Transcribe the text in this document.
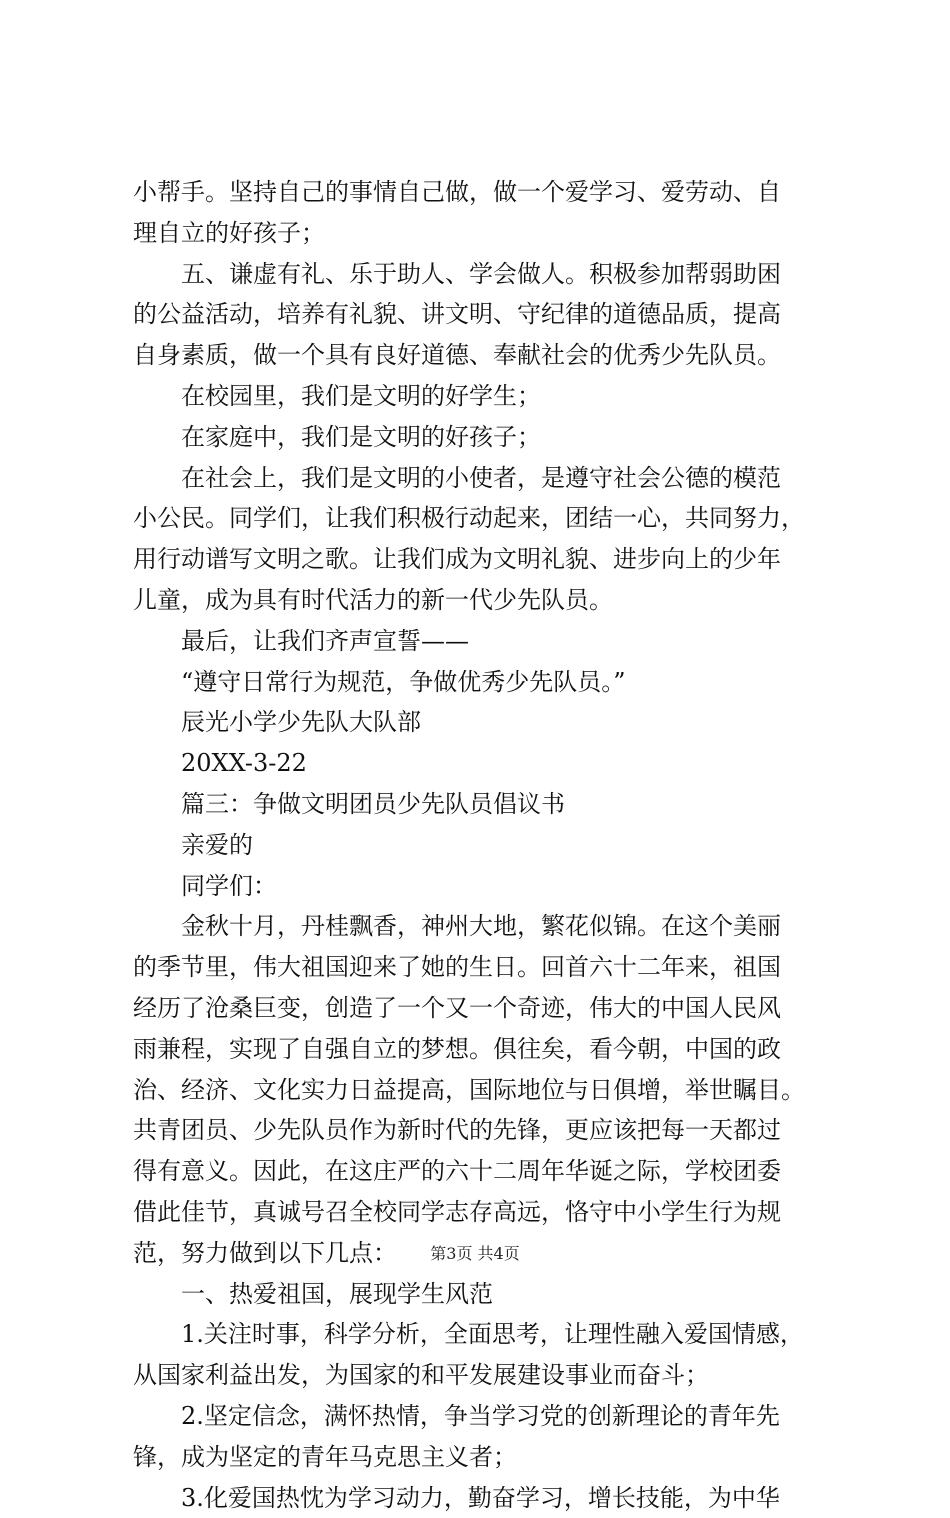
小帮手。坚持自己的事情自己做，做一个爱学习、爱劳动、自
理自立的好孩子；
五、谦虚有礼、乐于助人、学会做人。积极参加帮弱助困
的公益活动，培养有礼貌、讲文明、守纪律的道德品质，提高
自身素质，做一个具有良好道德、奉献社会的优秀少先队员。
在校园里，我们是文明的好学生；
在家庭中，我们是文明的好孩子；
在社会上，我们是文明的小使者，是遵守社会公德的模范
小公民。同学们，让我们积极行动起来，团结一心，共同努力，
用行动谱写文明之歌。让我们成为文明礼貌、进步向上的少年
儿童，成为具有时代活力的新一代少先队员。
最后，让我们齐声宣誓——
“遵守日常行为规范，争做优秀少先队员。”
辰光小学少先队大队部
20XX-3-22
篇三：争做文明团员少先队员倡议书
亲爱的
同学们：
金秋十月，丹桂飘香，神州大地，繁花似锦。在这个美丽
的季节里，伟大祖国迎来了她的生日。回首六十二年来，祖国
经历了沧桑巨变，创造了一个又一个奇迹，伟大的中国人民风
雨兼程，实现了自强自立的梦想。俱往矣，看今朝，中国的政
治、经济、文化实力日益提高，国际地位与日俱增，举世瞩目。
共青团员、少先队员作为新时代的先锋，更应该把每一天都过
得有意义。因此，在这庄严的六十二周年华诞之际，学校团委
借此佳节，真诚号召全校同学志存高远，恪守中小学生行为规
范，努力做到以下几点：
一、热爱祖国，展现学生风范
1.关注时事，科学分析，全面思考，让理性融入爱国情感，
从国家利益出发，为国家的和平发展建设事业而奋斗；
2.坚定信念，满怀热情，争当学习党的创新理论的青年先
锋，成为坚定的青年马克思主义者；
3.化爱国热忱为学习动力，勤奋学习，增长技能，为中华
第3页 共4页
